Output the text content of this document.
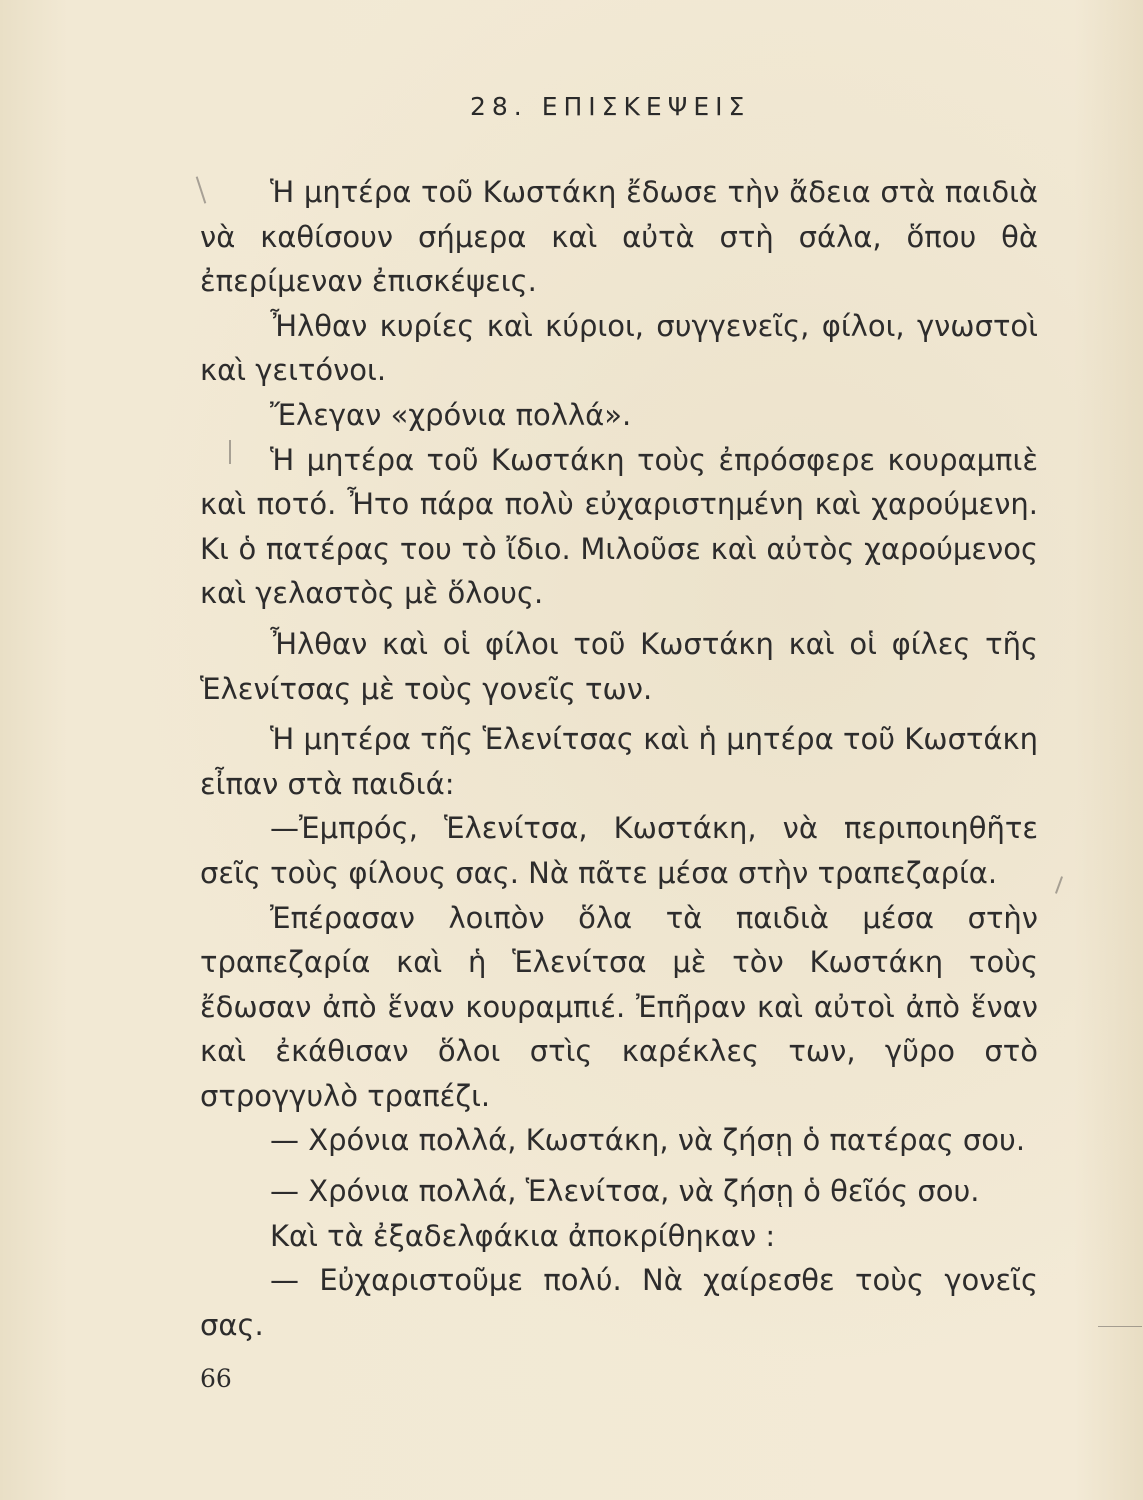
28. ΕΠΙΣΚΕΨΕΙΣ

Ἡ μητέρα τοῦ Κωστάκη ἔδωσε τὴν ἄδεια στὰ παιδιὰ νὰ καθίσουν σήμερα καὶ αὐτὰ στὴ σάλα, ὅπου θὰ ἐπερίμεναν ἐπισκέψεις.

Ἦλθαν κυρίες καὶ κύριοι, συγγενεῖς, φίλοι, γνωστοὶ καὶ γειτόνοι.

Ἔλεγαν «χρόνια πολλά».

Ἡ μητέρα τοῦ Κωστάκη τοὺς ἐπρόσφερε κουραμπιὲ καὶ ποτό. Ἦτο πάρα πολὺ εὐχαριστημένη καὶ χαρούμενη. Κι ὁ πατέρας του τὸ ἴδιο. Μιλοῦσε καὶ αὐτὸς χαρούμενος καὶ γελαστὸς μὲ ὅλους.

Ἦλθαν καὶ οἱ φίλοι τοῦ Κωστάκη καὶ οἱ φίλες τῆς Ἑλενίτσας μὲ τοὺς γονεῖς των.

Ἡ μητέρα τῆς Ἑλενίτσας καὶ ἡ μητέρα τοῦ Κωστάκη εἶπαν στὰ παιδιά:

—Ἐμπρός, Ἑλενίτσα, Κωστάκη, νὰ περιποιηθῆτε σεῖς τοὺς φίλους σας. Νὰ πᾶτε μέσα στὴν τραπεζαρία.

Ἐπέρασαν λοιπὸν ὅλα τὰ παιδιὰ μέσα στὴν τραπεζαρία καὶ ἡ Ἑλενίτσα μὲ τὸν Κωστάκη τοὺς ἔδωσαν ἀπὸ ἕναν κουραμπιέ. Ἐπῆραν καὶ αὐτοὶ ἀπὸ ἕναν καὶ ἐκάθισαν ὅλοι στὶς καρέκλες των, γῦρο στὸ στρογγυλὸ τραπέζι.

— Χρόνια πολλά, Κωστάκη, νὰ ζήσῃ ὁ πατέρας σου.

— Χρόνια πολλά, Ἑλενίτσα, νὰ ζήσῃ ὁ θεῖός σου.

Καὶ τὰ ἐξαδελφάκια ἀποκρίθηκαν :

— Εὐχαριστοῦμε πολύ. Νὰ χαίρεσθε τοὺς γονεῖς σας.

66
